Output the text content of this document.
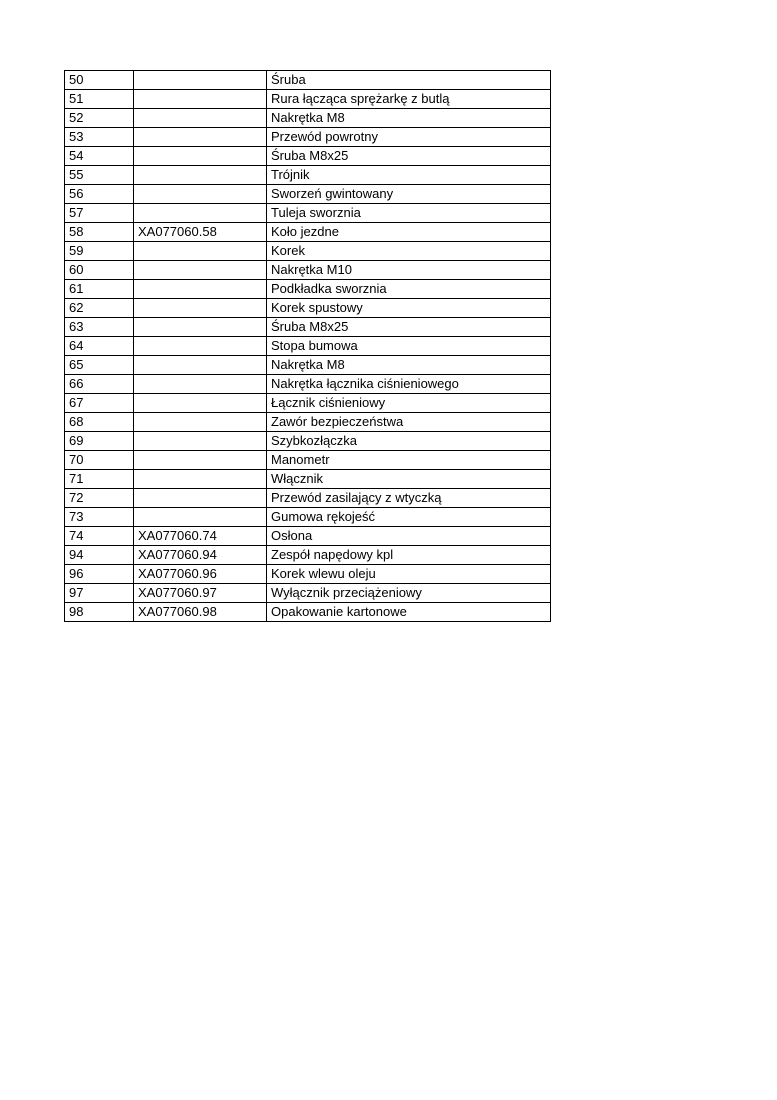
50		Śruba
51		Rura łącząca sprężarkę z butlą
52		Nakrętka M8
53		Przewód powrotny
54		Śruba M8x25
55		Trójnik
56		Sworzeń gwintowany
57		Tuleja sworznia
58	XA077060.58	Koło jezdne
59		Korek
60		Nakrętka M10
61		Podkładka sworznia
62		Korek spustowy
63		Śruba M8x25
64		Stopa bumowa
65		Nakrętka M8
66		Nakrętka łącznika ciśnieniowego
67		Łącznik ciśnieniowy
68		Zawór bezpieczeństwa
69		Szybkozłączka
70		Manometr
71		Włącznik
72		Przewód zasilający z wtyczką
73		Gumowa rękojeść
74	XA077060.74	Osłona
94	XA077060.94	Zespół napędowy kpl
96	XA077060.96	Korek wlewu oleju
97	XA077060.97	Wyłącznik przeciążeniowy
98	XA077060.98	Opakowanie kartonowe
